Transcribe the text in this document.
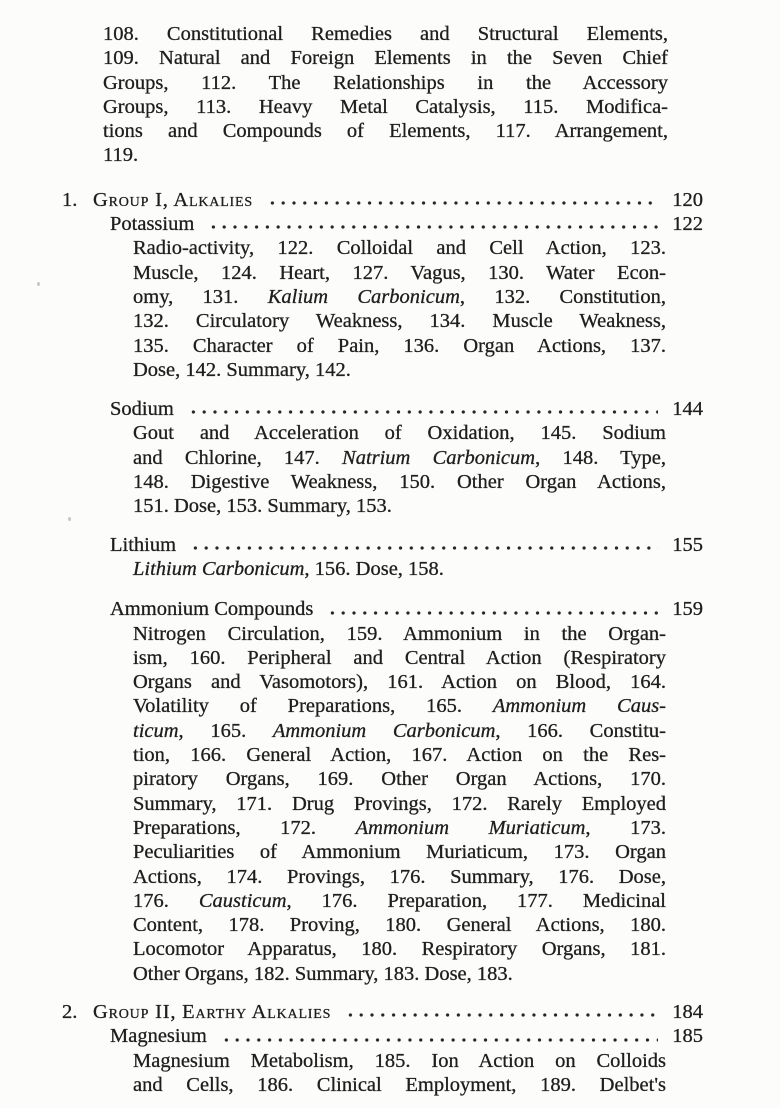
108. Constitutional Remedies and Structural Elements,
109. Natural and Foreign Elements in the Seven Chief
Groups, 112. The Relationships in the Accessory
Groups, 113. Heavy Metal Catalysis, 115. Modifica-
tions and Compounds of Elements, 117. Arrangement,
119.
1. Group I, Alkalies	120
Potassium	122
Radio-activity, 122. Colloidal and Cell Action, 123.
Muscle, 124. Heart, 127. Vagus, 130. Water Econ-
omy, 131. Kalium Carbonicum, 132. Constitution,
132. Circulatory Weakness, 134. Muscle Weakness,
135. Character of Pain, 136. Organ Actions, 137.
Dose, 142. Summary, 142.
Sodium	144
Gout and Acceleration of Oxidation, 145. Sodium
and Chlorine, 147. Natrium Carbonicum, 148. Type,
148. Digestive Weakness, 150. Other Organ Actions,
151. Dose, 153. Summary, 153.
Lithium	155
Lithium Carbonicum, 156. Dose, 158.
Ammonium Compounds	159
Nitrogen Circulation, 159. Ammonium in the Organ-
ism, 160. Peripheral and Central Action (Respiratory
Organs and Vasomotors), 161. Action on Blood, 164.
Volatility of Preparations, 165. Ammonium Caus-
ticum, 165. Ammonium Carbonicum, 166. Constitu-
tion, 166. General Action, 167. Action on the Res-
piratory Organs, 169. Other Organ Actions, 170.
Summary, 171. Drug Provings, 172. Rarely Employed
Preparations, 172. Ammonium Muriaticum, 173.
Peculiarities of Ammonium Muriaticum, 173. Organ
Actions, 174. Provings, 176. Summary, 176. Dose,
176. Causticum, 176. Preparation, 177. Medicinal
Content, 178. Proving, 180. General Actions, 180.
Locomotor Apparatus, 180. Respiratory Organs, 181.
Other Organs, 182. Summary, 183. Dose, 183.
2. Group II, Earthy Alkalies	184
Magnesium	185
Magnesium Metabolism, 185. Ion Action on Colloids
and Cells, 186. Clinical Employment, 189. Delbet's
